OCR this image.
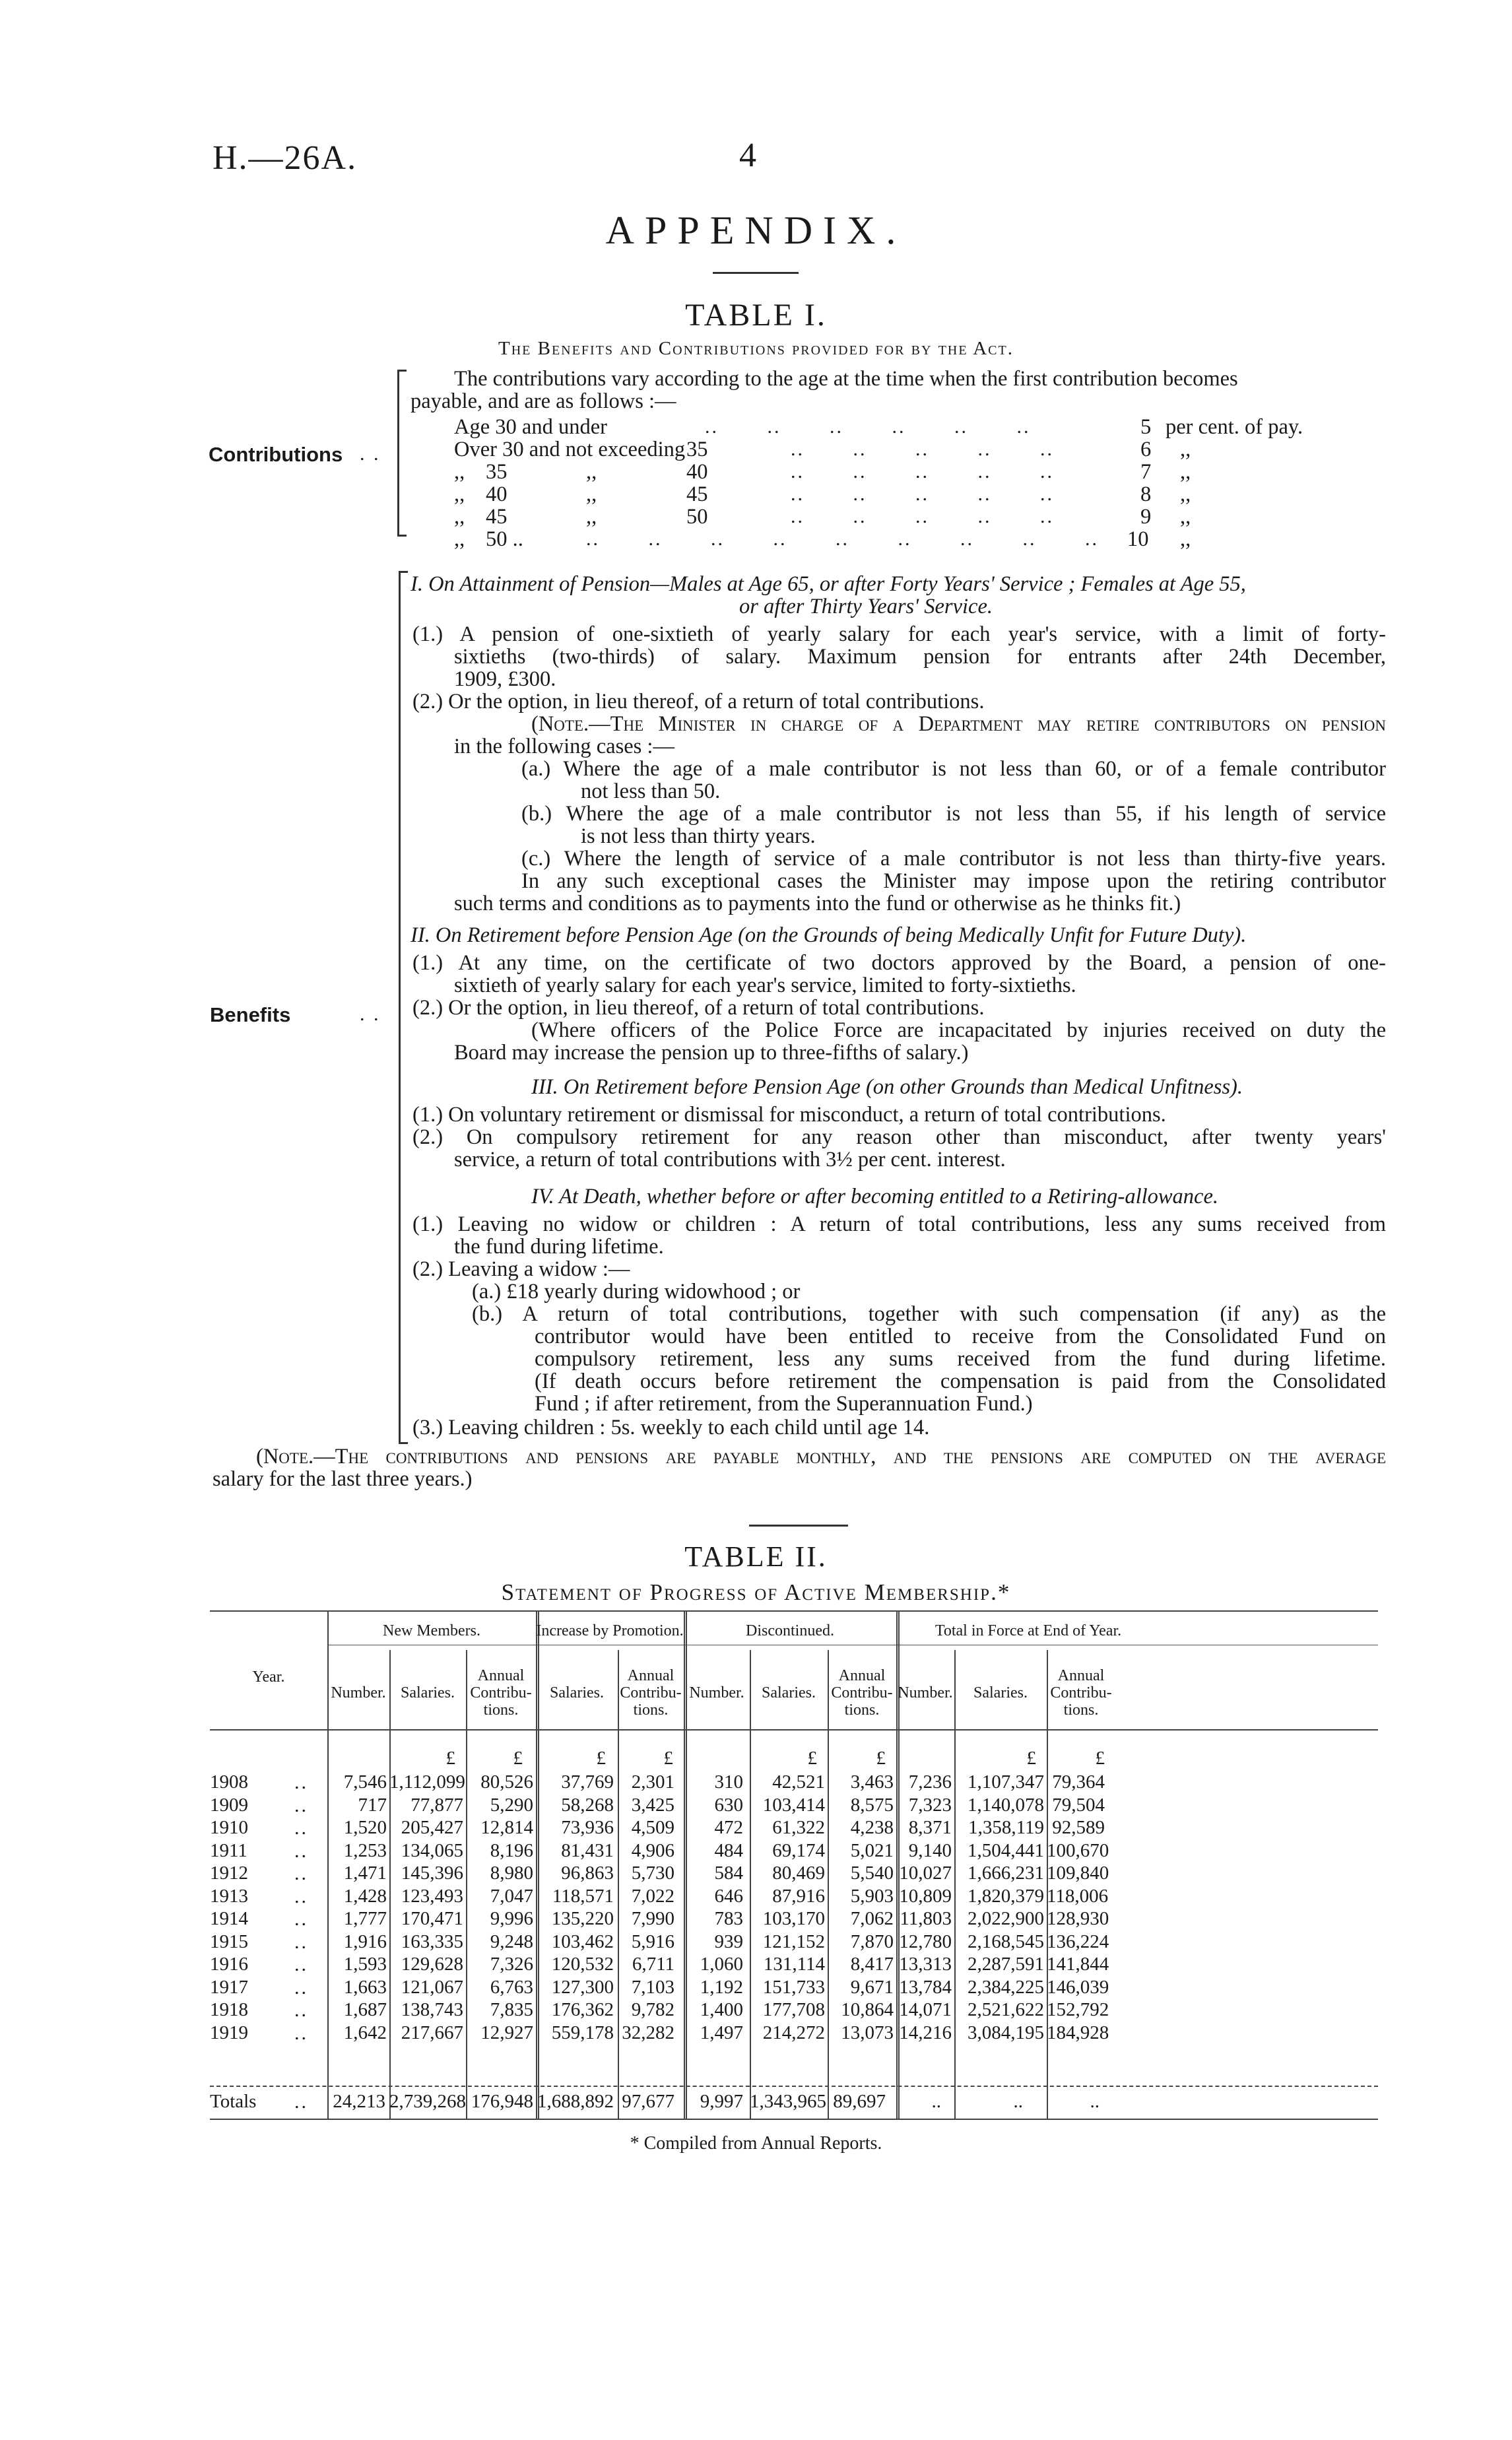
H.—26A.	4
APPENDIX.
TABLE I.
The Benefits and Contributions provided for by the Act.
Contributions . .
The contributions vary according to the age at the time when the first contribution becomes
payable, and are as follows :—
Age 30 and under	..       ..       ..       ..       ..       ..	5 per cent. of pay.
Over 30 and not exceeding 35	..       ..       ..       ..       ..	6 ,,
,, 35	,,	40	..       ..       ..       ..       ..	7 ,,
,, 40	,,	45	..       ..       ..       ..       ..	8 ,,
,, 45	,,	50	..       ..       ..       ..       ..	9 ,,
,, 50 ..	..       ..       ..       ..       ..       ..       ..       ..       .. 10 ,,
Benefits	. .
I. On Attainment of Pension—Males at Age 65, or after Forty Years' Service ; Females at Age 55,
or after Thirty Years' Service.
(1.) A pension of one-sixtieth of yearly salary for each year's service, with a limit of forty-
sixtieths (two-thirds) of salary. Maximum pension for entrants after 24th December,
1909, £300.
(2.) Or the option, in lieu thereof, of a return of total contributions.
(Note.—The Minister in charge of a Department may retire contributors on pension
in the following cases :—
(a.) Where the age of a male contributor is not less than 60, or of a female contributor
not less than 50.
(b.) Where the age of a male contributor is not less than 55, if his length of service
is not less than thirty years.
(c.) Where the length of service of a male contributor is not less than thirty-five years.
In any such exceptional cases the Minister may impose upon the retiring contributor
such terms and conditions as to payments into the fund or otherwise as he thinks fit.)
II. On Retirement before Pension Age (on the Grounds of being Medically Unfit for Future Duty).
(1.) At any time, on the certificate of two doctors approved by the Board, a pension of one-
sixtieth of yearly salary for each year's service, limited to forty-sixtieths.
(2.) Or the option, in lieu thereof, of a return of total contributions.
(Where officers of the Police Force are incapacitated by injuries received on duty the
Board may increase the pension up to three-fifths of salary.)
III. On Retirement before Pension Age (on other Grounds than Medical Unfitness).
(1.) On voluntary retirement or dismissal for misconduct, a return of total contributions.
(2.) On compulsory retirement for any reason other than misconduct, after twenty years'
service, a return of total contributions with 3½ per cent. interest.
IV. At Death, whether before or after becoming entitled to a Retiring-allowance.
(1.) Leaving no widow or children : A return of total contributions, less any sums received from
the fund during lifetime.
(2.) Leaving a widow :—
(a.) £18 yearly during widowhood ; or
(b.) A return of total contributions, together with such compensation (if any) as the
contributor would have been entitled to receive from the Consolidated Fund on
compulsory retirement, less any sums received from the fund during lifetime.
(If death occurs before retirement the compensation is paid from the Consolidated
Fund ; if after retirement, from the Superannuation Fund.)
(3.) Leaving children : 5s. weekly to each child until age 14.
(Note.—The contributions and pensions are payable monthly, and the pensions are computed on the average
salary for the last three years.)
TABLE II.
Statement of Progress of Active Membership.*
New Members.	Increase by Promotion.	Discontinued.	Total in Force at End of Year.
Year.
Number. Salaries.
Annual
Contribu-
tions.
Salaries.
Annual
Contribu-
tions.
Number.	Salaries.
Annual
Contribu-
tions.
Number.	Salaries.
Annual
Contribu-
tions.
£	£	£	£	£	£	£	£
1908 ..	7,546 1,112,099 80,526	37,769 2,301	310	42,521	3,463 7,236 1,107,347 79,364
1909 ..	717	77,877	5,290	58,268 3,425	630	103,414	8,575 7,323 1,140,078 79,504
1910 ..	1,520 205,427 12,814	73,936 4,509	472	61,322	4,238 8,371 1,358,119 92,589
1911 ..	1,253 134,065	8,196	81,431 4,906	484	69,174	5,021 9,140 1,504,441 100,670
1912 ..	1,471 145,396	8,980	96,863 5,730	584	80,469	5,540 10,027 1,666,231 109,840
1913 ..	1,428 123,493	7,047 118,571 7,022	646	87,916	5,903 10,809 1,820,379 118,006
1914 ..	1,777 170,471	9,996 135,220 7,990	783	103,170	7,062 11,803 2,022,900 128,930
1915 ..	1,916 163,335	9,248 103,462 5,916	939	121,152	7,870 12,780 2,168,545 136,224
1916 ..	1,593 129,628	7,326 120,532 6,711	1,060	131,114	8,417 13,313 2,287,591 141,844
1917 ..	1,663 121,067	6,763 127,300 7,103	1,192	151,733	9,671 13,784 2,384,225 146,039
1918 ..	1,687 138,743	7,835 176,362 9,782	1,400	177,708 10,864 14,071 2,521,622 152,792
1919 ..	1,642 217,667 12,927 559,178 32,282	1,497	214,272 13,073 14,216 3,084,195 184,928
Totals .. 24,213 2,739,268 176,948 1,688,892 97,677	9,997 1,343,965 89,697	..	..	..
* Compiled from Annual Reports.
